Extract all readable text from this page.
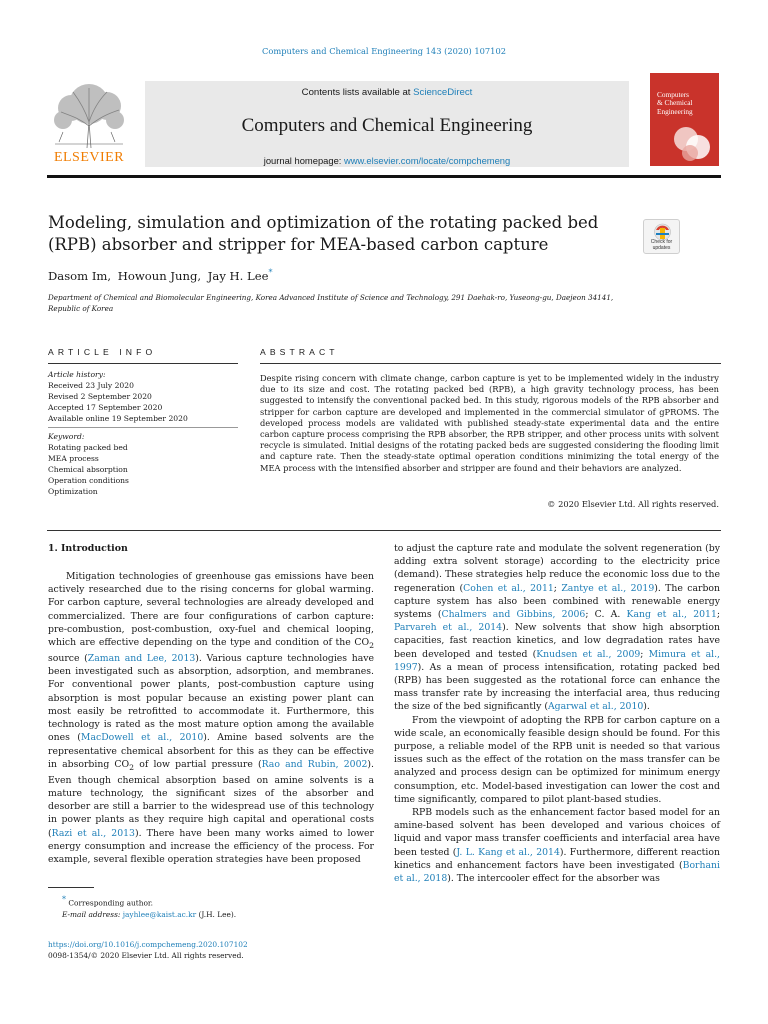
Computers and Chemical Engineering 143 (2020) 107102
ELSEVIER
Contents lists available at ScienceDirect
Computers and Chemical Engineering
journal homepage: www.elsevier.com/locate/compchemeng
Computers
& Chemical
Engineering
Modeling, simulation and optimization of the rotating packed bed (RPB) absorber and stripper for MEA-based carbon capture	Check for
updates
Dasom Im, Howoun Jung, Jay H. Lee*
Department of Chemical and Biomolecular Engineering, Korea Advanced Institute of Science and Technology, 291 Daehak-ro, Yuseong-gu, Daejeon 34141, Republic of Korea
ARTICLE INFO	ABSTRACT
Article history:
Received 23 July 2020
Revised 2 September 2020
Accepted 17 September 2020
Available online 19 September 2020
Keyword:
Rotating packed bed
MEA process
Chemical absorption
Operation conditions
Optimization
Despite rising concern with climate change, carbon capture is yet to be implemented widely in the industry due to its size and cost. The rotating packed bed (RPB), a high gravity technology process, has been suggested to intensify the conventional packed bed. In this study, rigorous models of the RPB absorber and stripper for carbon capture are developed and implemented in the commercial simulator of gPROMS. The developed process models are validated with published steady-state experimental data and the entire carbon capture process comprising the RPB absorber, the RPB stripper, and other process units with solvent recycle is simulated. Initial designs of the rotating packed beds are suggested considering the flooding limit and capture rate. Then the steady-state optimal operation conditions minimizing the total energy of the MEA process with the intensified absorber and stripper are found and their behaviors are analyzed.
© 2020 Elsevier Ltd. All rights reserved.
1. Introduction

Mitigation technologies of greenhouse gas emissions have been actively researched due to the rising concerns for global warming. For carbon capture, several technologies are already developed and commercialized. There are four configurations of carbon capture: pre-combustion, post-combustion, oxy-fuel and chemical looping, which are effective depending on the type and condition of the $CO_2$ source (Zaman and Lee, 2013). Various capture technologies have been investigated such as absorption, adsorption, and membranes. For conventional power plants, post-combustion capture using absorption is most popular because an existing power plant can most easily be retrofitted to accommodate it. Furthermore, this technology is rated as the most mature option among the available ones (MacDowell et al., 2010). Amine based solvents are the representative chemical absorbent for this as they can be effective in absorbing $CO_2$ of low partial pressure (Rao and Rubin, 2002). Even though chemical absorption based on amine solvents is a mature technology, the significant sizes of the absorber and desorber are still a barrier to the widespread use of this technology in power plants as they require high capital and operational costs (Razi et al., 2013). There have been many works aimed to lower energy consumption and increase the efficiency of the process. For example, several flexible operation strategies have been proposed

to adjust the capture rate and modulate the solvent regeneration (by adding extra solvent storage) according to the electricity price (demand). These strategies help reduce the economic loss due to the regeneration (Cohen et al., 2011; Zantye et al., 2019). The carbon capture system has also been combined with renewable energy systems (Chalmers and Gibbins, 2006; C. A. Kang et al., 2011; Parvareh et al., 2014). New solvents that show high absorption capacities, fast reaction kinetics, and low degradation rates have been developed and tested (Knudsen et al., 2009; Mimura et al., 1997). As a mean of process intensification, rotating packed bed (RPB) has been suggested as the rotational force can enhance the mass transfer rate by increasing the interfacial area, thus reducing the size of the bed significantly (Agarwal et al., 2010).

From the viewpoint of adopting the RPB for carbon capture on a wide scale, an economically feasible design should be found. For this purpose, a reliable model of the RPB unit is needed so that various issues such as the effect of the rotation on the mass transfer can be analyzed and process design can be optimized for minimum energy consumption, etc. Model-based investigation can lower the cost and time significantly, compared to pilot plant-based studies.

RPB models such as the enhancement factor based model for an amine-based solvent has been developed and various choices of liquid and vapor mass transfer coefficients and interfacial area have been tested (J. L. Kang et al., 2014). Furthermore, different reaction kinetics and enhancement factors have been investigated (Borhani et al., 2018). The intercooler effect for the absorber was

* Corresponding author.
E-mail address: jayhlee@kaist.ac.kr (J.H. Lee).
https://doi.org/10.1016/j.compchemeng.2020.107102
0098-1354/© 2020 Elsevier Ltd. All rights reserved.
